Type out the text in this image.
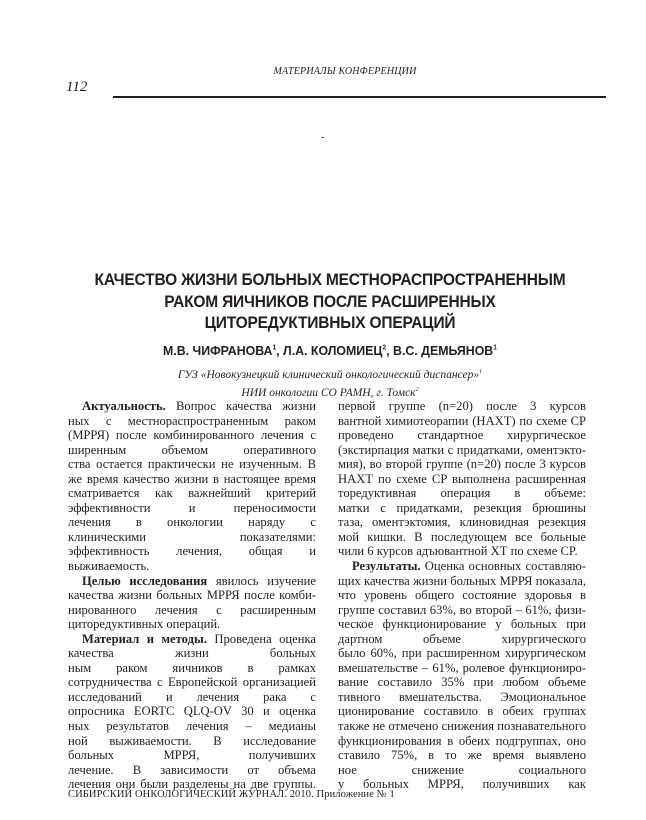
МАТЕРИАЛЫ КОНФЕРЕНЦИИ
112
-
КАЧЕСТВО ЖИЗНИ БОЛЬНЫХ МЕСТНОРАСПРОСТРАНЕННЫМ
РАКОМ ЯИЧНИКОВ ПОСЛЕ РАСШИРЕННЫХ
ЦИТОРЕДУКТИВНЫХ ОПЕРАЦИЙ
М.В. ЧИФРАНОВА$^1$, Л.А. КОЛОМИЕЦ$^2$, В.С. ДЕМЬЯНОВ$^1$
ГУЗ «Новокузнецкий клинический онкологический диспансер»$^1$
НИИ онкологии СО РАМН, г. Томск$^2$
Актуальность. Вопрос качества жизни
ных с местнораспространенным раком
(МРРЯ) после комбинированного лечения с
ширенным объемом оперативного
ства остается практически не изученным. В
же время качество жизни в настоящее время
сматривается как важнейший критерий
эффективности и переносимости
лечения в онкологии наряду с
клиническими показателями:
эффективность лечения, общая и
выживаемость.
Целью исследования явилось изучение
качества жизни больных МРРЯ после комби-
нированного лечения с расширенным
циторедуктивных операций.
Материал и методы. Проведена оценка
качества жизни больных
ным раком яичников в рамках
сотрудничества с Европейской организацией
исследований и лечения рака с
опросника EORTC QLQ-OV 30 и оценка
ных результатов лечения – медианы
ной выживаемости. В исследование
больных МРРЯ, получивших
лечение. В зависимости от объема
лечения они были разделены на две группы.
первой группе (n=20) после 3 курсов
вантной химиотеорапии (НАХТ) по схеме CP
проведено стандартное хирургическое
(экстирпация матки с придатками, оментэкто-
мия), во второй группе (n=20) после 3 курсов
НАХТ по схеме CP выполнена расширенная
торедуктивная операция в объеме:
матки с придатками, резекция брюшины
таза, оментэктомия, клиновидная резекция
мой кишки. В последующем все больные
чили 6 курсов адъювантной ХТ по схеме CP.
Результаты. Оценка основных составляю-
щих качества жизни больных МРРЯ показала,
что уровень общего состояние здоровья в
группе составил 63%, во второй – 61%, физи-
ческое функционирование у больных при
дартном объеме хирургического
было 60%, при расширенном хирургическом
вмешательстве – 61%, ролевое функциониро-
вание составило 35% при любом объеме
тивного вмешательства. Эмоциональное
ционирование составило в обеих группах
также не отмечено снижения познавательного
функционирования в обеих подгруппах, оно
ставило 75%, в то же время выявлено
ное снижение социального
у больных МРРЯ, получивших как
СИБИРСКИЙ ОНКОЛОГИЧЕСКИЙ ЖУРНАЛ. 2010. Приложение № 1
